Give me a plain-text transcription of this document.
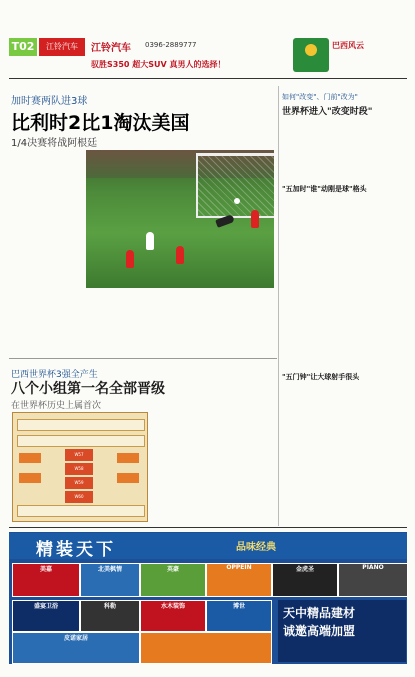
T02	江铃汽车	江铃汽车 0396-2889777
驭胜S350 超大SUV 真男人的选择！
巴西风云
加时赛两队进3球
比利时2比1淘汰美国
1/4决赛将战阿根廷
巴西世界杯3强全产生
八个小组第一名全部晋级
在世界杯历史上属首次
W57
W58
W59
W60
如何"改变"、门前"改为"
世界杯进入"改变时段"
"五加时"谁"动刚是球"格头
"五门钟"让大球射手很头
精装天下	品味经典
美嘉	北美枫情	英豪	OPPEIN	金虎圣	PIANO
盛宴卫浴	科勒	水木装饰	博世
皮诺家居
天中精品建材
诚邀高端加盟
